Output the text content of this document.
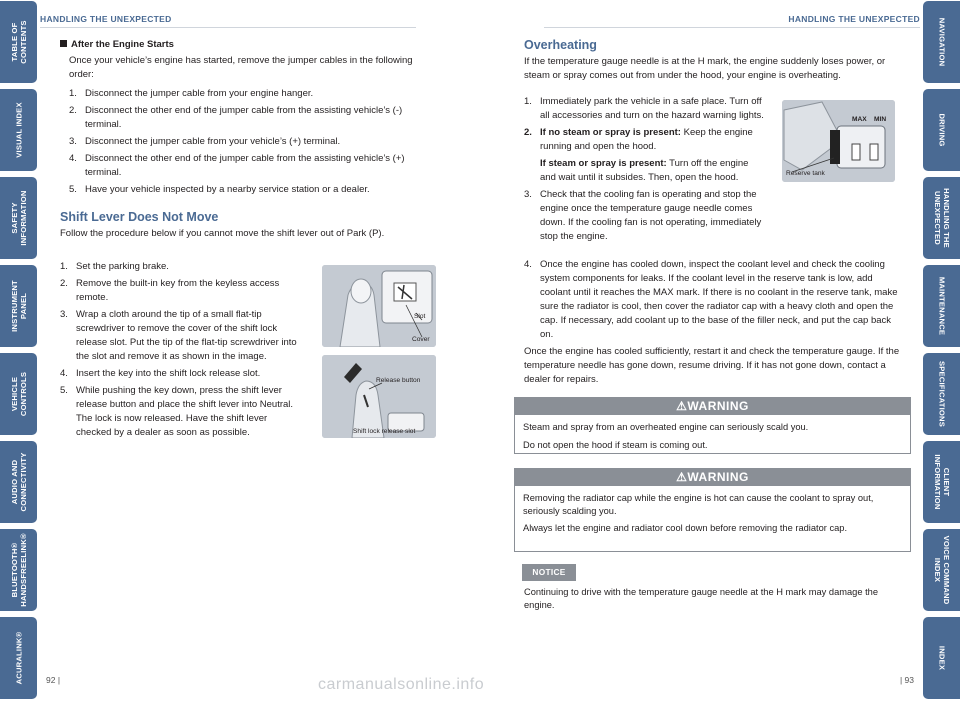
TABLE OF
CONTENTS
VISUAL INDEX
SAFETY
INFORMATION
INSTRUMENT
PANEL
VEHICLE
CONTROLS
AUDIO AND
CONNECTIVITY
BLUETOOTH®
HANDSFREELINK®
ACURALINK®
NAVIGATION
DRIVING
HANDLING THE
UNEXPECTED
MAINTENANCE
SPECIFICATIONS
CLIENT
INFORMATION
VOICE COMMAND
INDEX
INDEX
HANDLING THE UNEXPECTED	HANDLING THE UNEXPECTED
After the Engine Starts
Once your vehicle’s engine has started, remove the jumper cables in the following order:
1. Disconnect the jumper cable from your engine hanger.
2. Disconnect the other end of the jumper cable from the assisting vehicle’s (-) terminal.
3. Disconnect the jumper cable from your vehicle’s (+) terminal.
4. Disconnect the other end of the jumper cable from the assisting vehicle’s (+) terminal.
5. Have your vehicle inspected by a nearby service station or a dealer.
Shift Lever Does Not Move
Follow the procedure below if you cannot move the shift lever out of Park (P).
1. Set the parking brake.
2. Remove the built-in key from the keyless access remote.
3. Wrap a cloth around the tip of a small flat-tip screwdriver to remove the cover of the shift lock release slot. Put the tip of the flat-tip screwdriver into the slot and remove it as shown in the image.
4. Insert the key into the shift lock release slot.
5. While pushing the key down, press the shift lever release button and place the shift lever into Neutral. The lock is now released. Have the shift lever checked by a dealer as soon as possible.
Slot
Cover
Release button
Shift lock release slot
92 |
Overheating
If the temperature gauge needle is at the H mark, the engine suddenly loses power, or steam or spray comes out from under the hood, your engine is overheating.
1. Immediately park the vehicle in a safe place. Turn off all accessories and turn on the hazard warning lights.
2. If no steam or spray is present: Keep the engine running and open the hood.
If steam or spray is present: Turn off the engine and wait until it subsides. Then, open the hood.
3. Check that the cooling fan is operating and stop the engine once the temperature gauge needle comes down. If the cooling fan is not operating, immediately stop the engine.
4. Once the engine has cooled down, inspect the coolant level and check the cooling system components for leaks. If the coolant level in the reserve tank is low, add coolant until it reaches the MAX mark. If there is no coolant in the reserve tank, make sure the radiator is cool, then cover the radiator cap with a heavy cloth and open the cap. If necessary, add coolant up to the base of the filler neck, and put the cap back on.
Once the engine has cooled sufficiently, restart it and check the temperature gauge. If the temperature needle has gone down, resume driving. If it has not gone down, contact a dealer for repairs.
MAX MIN
Reserve tank
⚠WARNING
Steam and spray from an overheated engine can seriously scald you.
Do not open the hood if steam is coming out.
⚠WARNING
Removing the radiator cap while the engine is hot can cause the coolant to spray out, seriously scalding you.
Always let the engine and radiator cool down before removing the radiator cap.
NOTICE
Continuing to drive with the temperature gauge needle at the H mark may damage the engine.
| 93
carmanualsonline.info
